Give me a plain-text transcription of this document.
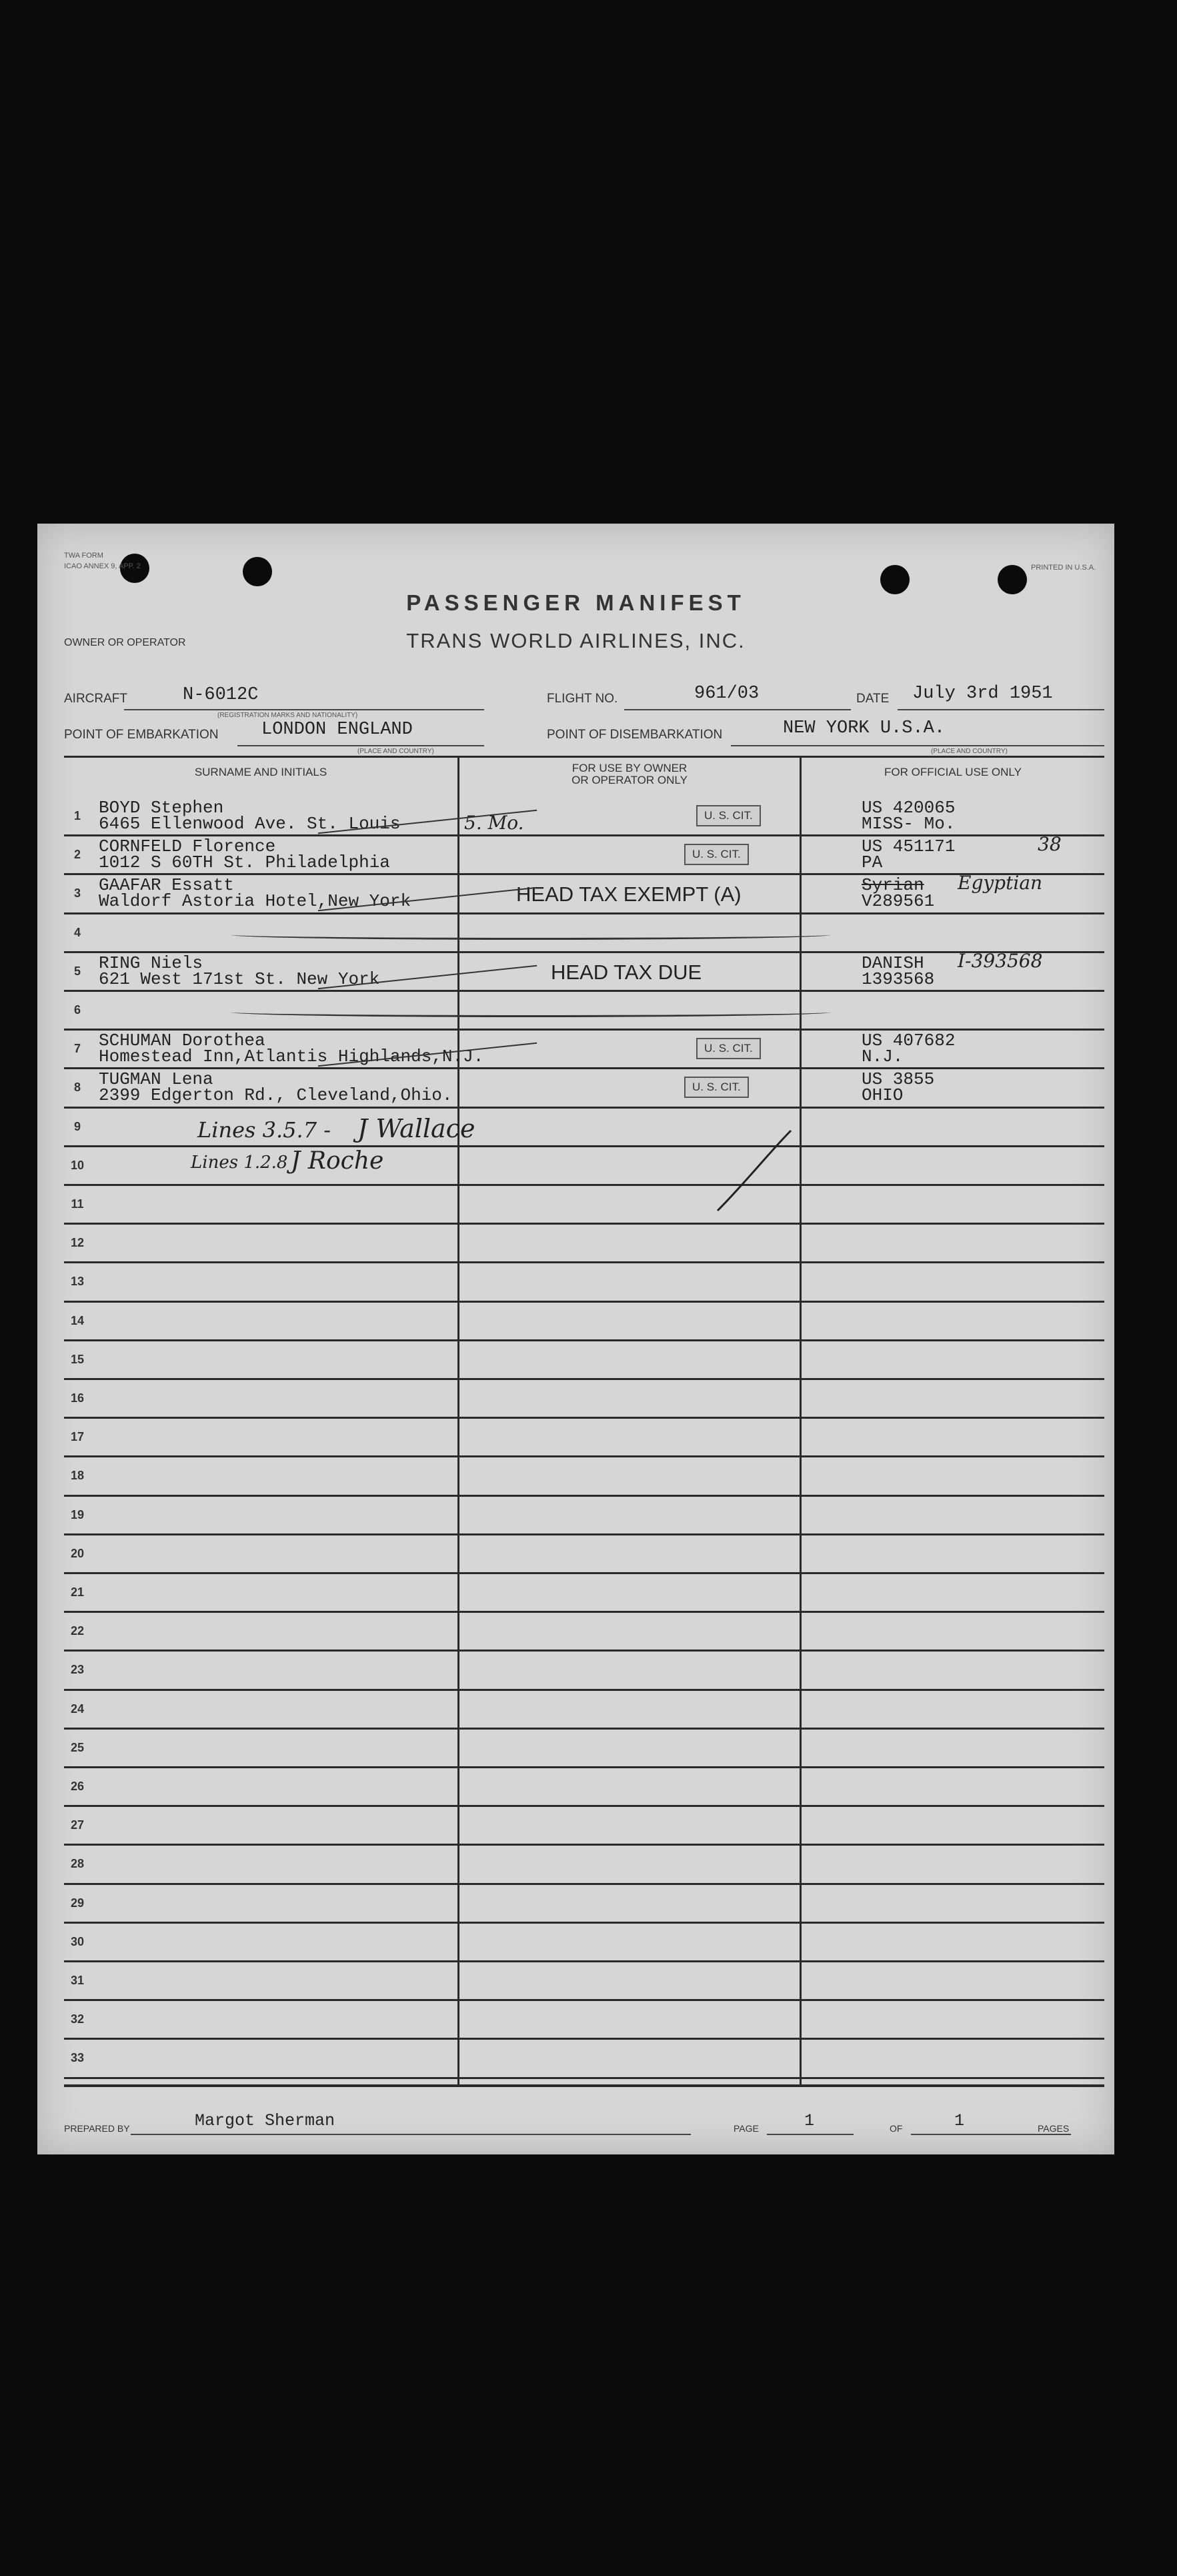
TWA FORM
ICAO ANNEX 9, APP. 2	PRINTED IN U.S.A.
PASSENGER MANIFEST
TRANS WORLD AIRLINES, INC.
OWNER OR OPERATOR
AIRCRAFT	N-6012C
(REGISTRATION MARKS AND NATIONALITY)
FLIGHT NO.	961/03	DATE July 3rd 1951
POINT OF EMBARKATION LONDON ENGLAND
(PLACE AND COUNTRY)
POINT OF DISEMBARKATION	NEW YORK U.S.A.
(PLACE AND COUNTRY)
SURNAME AND INITIALS	FOR USE BY OWNER
OR OPERATOR ONLY
FOR OFFICIAL USE ONLY
1	BOYD Stephen
6465 Ellenwood Ave. St. Louis	5. Mo.	U. S. CIT.	US 420065
MISS- Mo.
2	CORNFELD Florence
1012 S 60TH St. Philadelphia	U. S. CIT.	US 451171	38
PA
3	GAAFAR Essatt
Waldorf Astoria Hotel,New York	HEAD TAX EXEMPT (A)	Syrian Egyptian
V289561
4
5	RING Niels
621 West 171st St. New York	HEAD TAX DUE	DANISH I-393568
1393568
6
7	SCHUMAN Dorothea
Homestead Inn,Atlantis Highlands,N.J.	U. S. CIT.	US 407682
N.J.
8	TUGMAN Lena
2399 Edgerton Rd., Cleveland,Ohio.	U. S. CIT.	US 3855
OHIO
9
10
11
12
13
14
15
16
17
18
19
20
21
22
23
24
25
26
27
28
29
30
31
32
33
Lines 3.5.7 - J Wallace
Lines 1.2.8 J Roche
PREPARED BY	Margot Sherman	PAGE	1	OF	1	PAGES
